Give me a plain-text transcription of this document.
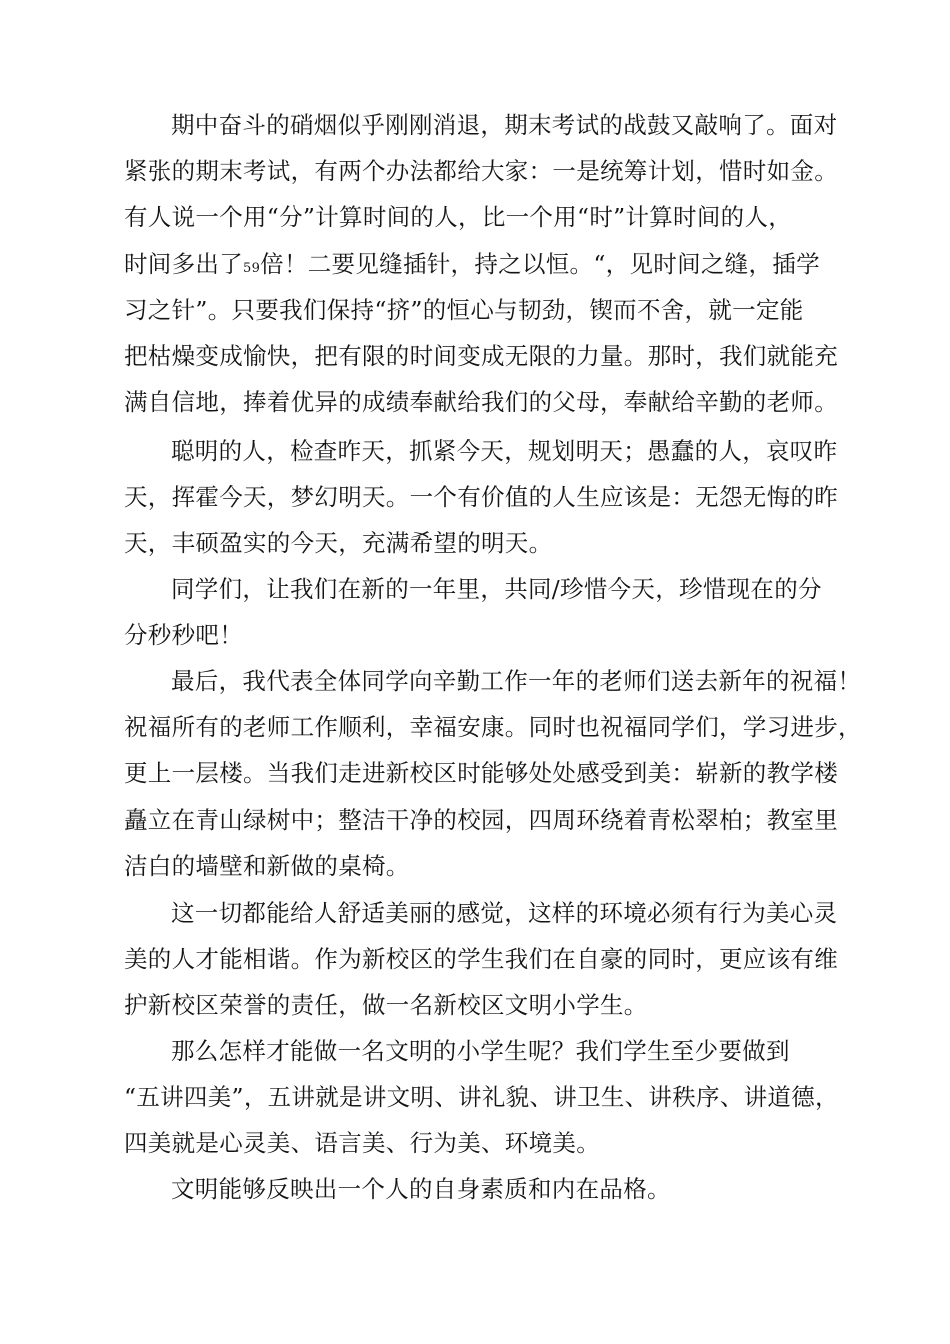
期中奋斗的硝烟似乎刚刚消退，期末考试的战鼓又敲响了。面对
紧张的期末考试，有两个办法都给大家：一是统筹计划，惜时如金。
有人说一个用“分”计算时间的人，比一个用“时”计算时间的人，
时间多出了59倍！二要见缝插针，持之以恒。“，见时间之缝，插学
习之针”。只要我们保持“挤”的恒心与韧劲，锲而不舍，就一定能
把枯燥变成愉快，把有限的时间变成无限的力量。那时，我们就能充
满自信地，捧着优异的成绩奉献给我们的父母，奉献给辛勤的老师。
聪明的人，检查昨天，抓紧今天，规划明天；愚蠢的人，哀叹昨
天，挥霍今天，梦幻明天。一个有价值的人生应该是：无怨无悔的昨
天，丰硕盈实的今天，充满希望的明天。
同学们，让我们在新的一年里，共同/珍惜今天，珍惜现在的分
分秒秒吧！
最后，我代表全体同学向辛勤工作一年的老师们送去新年的祝福！
祝福所有的老师工作顺利，幸福安康。同时也祝福同学们，学习进步，
更上一层楼。当我们走进新校区时能够处处感受到美：崭新的教学楼
矗立在青山绿树中；整洁干净的校园，四周环绕着青松翠柏；教室里
洁白的墙壁和新做的桌椅。
这一切都能给人舒适美丽的感觉，这样的环境必须有行为美心灵
美的人才能相谐。作为新校区的学生我们在自豪的同时，更应该有维
护新校区荣誉的责任，做一名新校区文明小学生。
那么怎样才能做一名文明的小学生呢？我们学生至少要做到
“五讲四美”，五讲就是讲文明、讲礼貌、讲卫生、讲秩序、讲道德，
四美就是心灵美、语言美、行为美、环境美。
文明能够反映出一个人的自身素质和内在品格。
